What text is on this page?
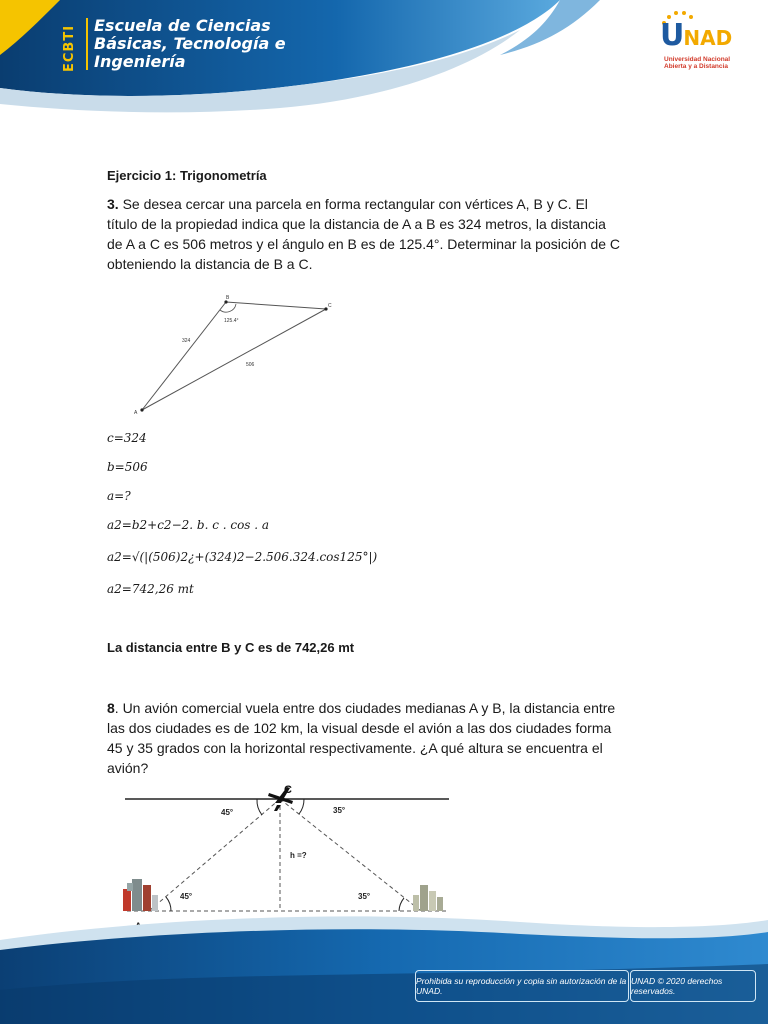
ECBTI	Escuela de Ciencias
Básicas, Tecnología e
Ingeniería
UNAD
Universidad Nacional
Abierta y a Distancia

Ejercicio 1: Trigonometría

3. Se desea cercar una parcela en forma rectangular con vértices A, B y C. El

título de la propiedad indica que la distancia de A a B es 324 metros, la distancia

de A a C es 506 metros y el ángulo en B es de 125.4°. Determinar la posición de C

obteniendo la distancia de B a C.

B
C
A
125.4°
324
506
c=324
b=506
a=?
a2=b2+c2−2. b. c . cos . a
a2=√(|(506)2¿+(324)2−2.506.324.cos125°|)
a2=742,26 mt
La distancia entre B y C es de 742,26 mt

8. Un avión comercial vuela entre dos ciudades medianas A y B, la distancia entre

las dos ciudades es de 102 km, la visual desde el avión a las dos ciudades forma

45 y 35 grados con la horizontal respectivamente. ¿A qué altura se encuentra el

avión?

C
45°	35°
h =?
45°	35°
Prohibida su reproducción y copia sin autorización de la UNAD.
UNAD © 2020 derechos reservados.
